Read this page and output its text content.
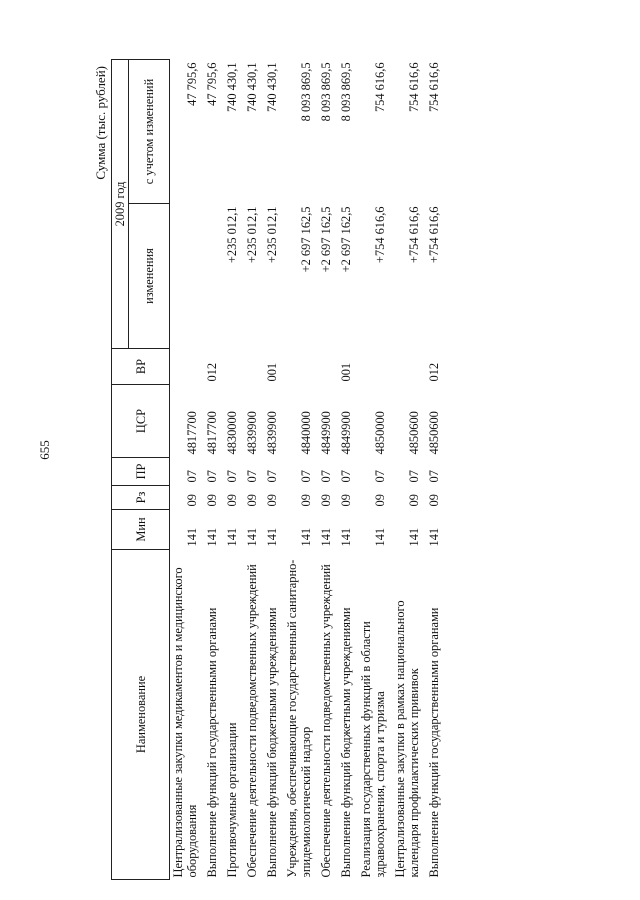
655
Сумма (тыс. рублей)
Наименование	Мин	Рз	ПР	ЦСР	ВР	2009 год	
						изменения	с учетом изменений
Централизованные закупки медикаментов и медицинского оборудования	141	09	07	4817700			47 795,6
Выполнение функций государственными органами	141	09	07	4817700	012		47 795,6
Противочумные организации	141	09	07	4830000		+235 012,1	740 430,1
Обеспечение деятельности подведомственных учреждений	141	09	07	4839900		+235 012,1	740 430,1
Выполнение функций бюджетными учреждениями	141	09	07	4839900	001	+235 012,1	740 430,1
Учреждения, обеспечивающие государственный санитарно-эпидемиологический надзор	141	09	07	4840000		+2 697 162,5	8 093 869,5
Обеспечение деятельности подведомственных учреждений	141	09	07	4849900		+2 697 162,5	8 093 869,5
Выполнение функций бюджетными учреждениями	141	09	07	4849900	001	+2 697 162,5	8 093 869,5
Реализация государственных функций в области здравоохранения, спорта и туризма	141	09	07	4850000		+754 616,6	754 616,6
Централизованные закупки в рамках национального календаря профилактических прививок	141	09	07	4850600		+754 616,6	754 616,6
Выполнение функций государственными органами	141	09	07	4850600	012	+754 616,6	754 616,6
